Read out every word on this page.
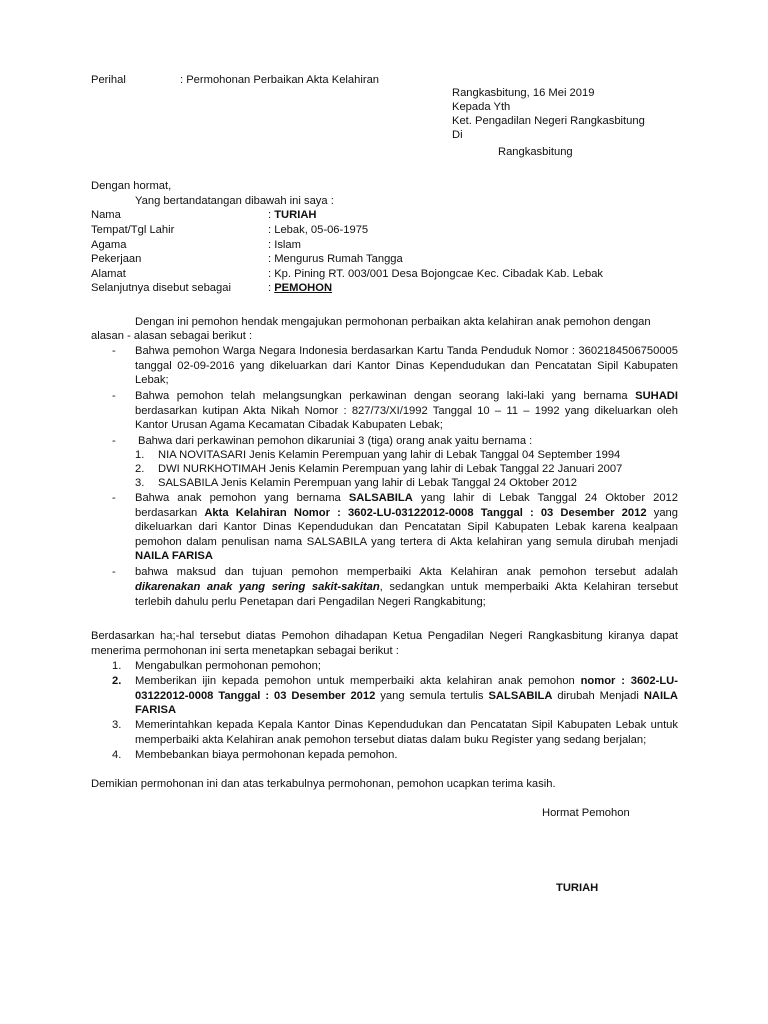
Perihal	: Permohonan Perbaikan Akta Kelahiran
Rangkasbitung, 16 Mei 2019
Kepada Yth
Ket. Pengadilan Negeri Rangkasbitung
Di
Rangkasbitung
Dengan hormat,
Yang bertandatangan dibawah ini saya :
Nama	: TURIAH
Tempat/Tgl Lahir	: Lebak, 05-06-1975
Agama	: Islam
Pekerjaan	: Mengurus Rumah Tangga
Alamat	: Kp. Pining RT. 003/001 Desa Bojongcae Kec. Cibadak Kab. Lebak
Selanjutnya disebut sebagai	: PEMOHON
Dengan ini pemohon hendak mengajukan permohonan perbaikan akta kelahiran anak pemohon dengan
alasan - alasan sebagai berikut :
- Bahwa pemohon Warga Negara Indonesia berdasarkan Kartu Tanda Penduduk Nomor : 3602184506750005 tanggal 02-09-2016 yang dikeluarkan dari Kantor Dinas Kependudukan dan Pencatatan Sipil Kabupaten Lebak;
- Bahwa pemohon telah melangsungkan perkawinan dengan seorang laki-laki yang bernama SUHADI berdasarkan kutipan Akta Nikah Nomor : 827/73/XI/1992 Tanggal 10 – 11 – 1992 yang dikeluarkan oleh Kantor Urusan Agama Kecamatan Cibadak Kabupaten Lebak;
- Bahwa dari perkawinan pemohon dikaruniai 3 (tiga) orang anak yaitu bernama :
1. NIA NOVITASARI Jenis Kelamin Perempuan yang lahir di Lebak Tanggal 04 September 1994
2. DWI NURKHOTIMAH Jenis Kelamin Perempuan yang lahir di Lebak Tanggal 22 Januari 2007
3. SALSABILA Jenis Kelamin Perempuan yang lahir di Lebak Tanggal 24 Oktober 2012
- Bahwa anak pemohon yang bernama SALSABILA yang lahir di Lebak Tanggal 24 Oktober 2012 berdasarkan Akta Kelahiran Nomor : 3602-LU-03122012-0008 Tanggal : 03 Desember 2012 yang dikeluarkan dari Kantor Dinas Kependudukan dan Pencatatan Sipil Kabupaten Lebak karena kealpaan pemohon dalam penulisan nama SALSABILA yang tertera di Akta kelahiran yang semula dirubah menjadi NAILA FARISA
- bahwa maksud dan tujuan pemohon memperbaiki Akta Kelahiran anak pemohon tersebut adalah dikarenakan anak yang sering sakit-sakitan, sedangkan untuk memperbaiki Akta Kelahiran tersebut terlebih dahulu perlu Penetapan dari Pengadilan Negeri Rangkabitung;
Berdasarkan ha;-hal tersebut diatas Pemohon dihadapan Ketua Pengadilan Negeri Rangkasbitung kiranya dapat menerima permohonan ini serta menetapkan sebagai berikut :
1. Mengabulkan permohonan pemohon;
2. Memberikan ijin kepada pemohon untuk memperbaiki akta kelahiran anak pemohon nomor : 3602-LU-03122012-0008 Tanggal : 03 Desember 2012 yang semula tertulis SALSABILA dirubah Menjadi NAILA FARISA
3. Memerintahkan kepada Kepala Kantor Dinas Kependudukan dan Pencatatan Sipil Kabupaten Lebak untuk memperbaiki akta Kelahiran anak pemohon tersebut diatas dalam buku Register yang sedang berjalan;
4. Membebankan biaya permohonan kepada pemohon.
Demikian permohonan ini dan atas terkabulnya permohonan, pemohon ucapkan terima kasih.
Hormat Pemohon
TURIAH
